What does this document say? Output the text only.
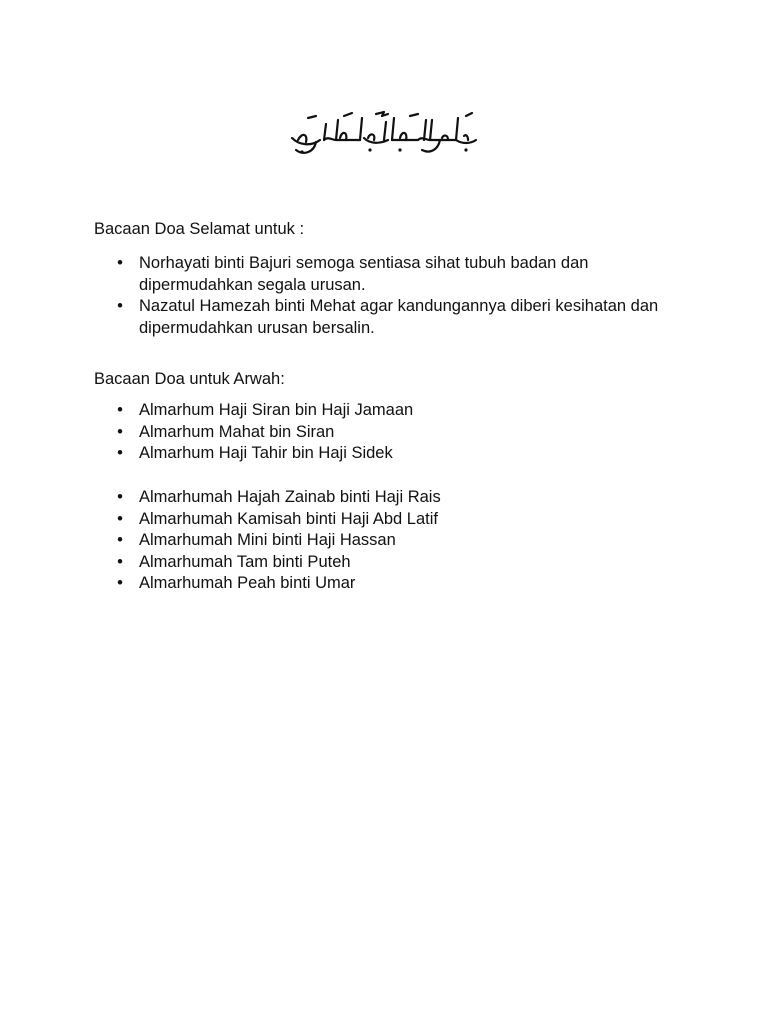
Bacaan Doa Selamat untuk :

• Norhayati binti Bajuri semoga sentiasa sihat tubuh badan dan dipermudahkan segala urusan.
• Nazatul Hamezah binti Mehat agar kandungannya diberi kesihatan dan dipermudahkan urusan bersalin.

Bacaan Doa untuk Arwah:

• Almarhum Haji Siran bin Haji Jamaan
• Almarhum Mahat bin Siran
• Almarhum Haji Tahir bin Haji Sidek
• Almarhumah Hajah Zainab binti Haji Rais
• Almarhumah Kamisah binti Haji Abd Latif
• Almarhumah Mini binti Haji Hassan
• Almarhumah Tam binti Puteh
• Almarhumah Peah binti Umar
